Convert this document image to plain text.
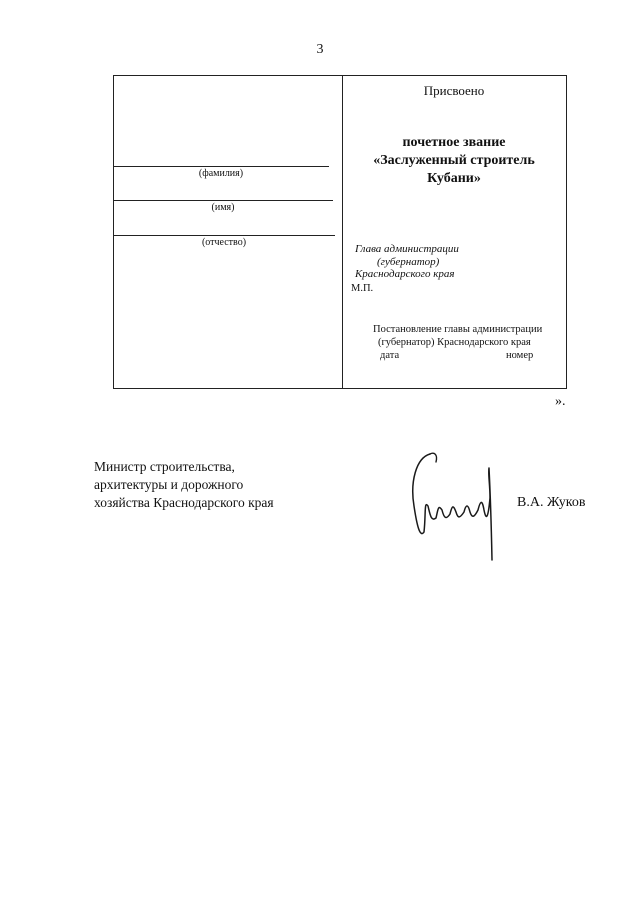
3
(фамилия)
(имя)
(отчество)
Присвоено
почетное звание
«Заслуженный строитель
Кубани»
Глава администрации
(губернатор)
Краснодарского края
М.П.
Постановление главы администрации
(губернатор) Краснодарского края
дата	номер
».
Министр строительства,
архитектуры и дорожного
хозяйства Краснодарского края	В.А. Жуков
